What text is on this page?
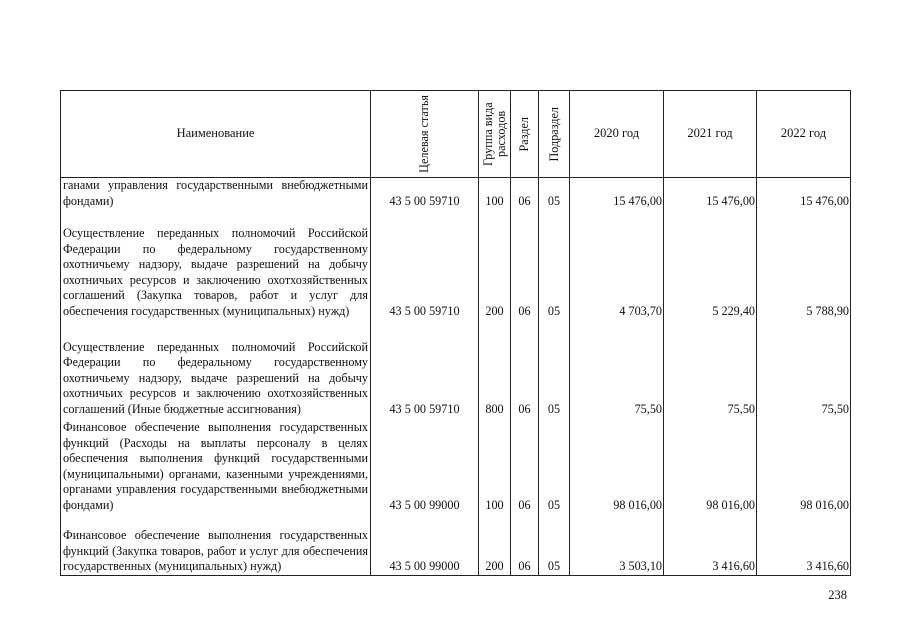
Наименование	Целевая статья	Группа вида расходов	Раздел	Подраздел	2020 год	2021 год	2022 год
ганами управления государственными внебюджетными фондами)	43 5 00 59710	100	06	05	15 476,00	15 476,00	15 476,00
Осуществление переданных полномочий Российской Федерации по федеральному государственному охотничьему надзору, выдаче разрешений на добычу охотничьих ресурсов и заключению охотхозяйственных соглашений (Закупка товаров, работ и услуг для обеспечения государственных (муниципальных) нужд)	43 5 00 59710	200	06	05	4 703,70	5 229,40	5 788,90
Осуществление переданных полномочий Российской Федерации по федеральному государственному охотничьему надзору, выдаче разрешений на добычу охотничьих ресурсов и заключению охотхозяйственных соглашений (Иные бюджетные ассигнования)	43 5 00 59710	800	06	05	75,50	75,50	75,50
Финансовое обеспечение выполнения государственных функций (Расходы на выплаты персоналу в целях обеспечения выполнения функций государственными (муниципальными) органами, казенными учреждениями, органами управления государственными внебюджетными фондами)	43 5 00 99000	100	06	05	98 016,00	98 016,00	98 016,00
Финансовое обеспечение выполнения государственных функций (Закупка товаров, работ и услуг для обеспечения государственных (муниципальных) нужд)	43 5 00 99000	200	06	05	3 503,10	3 416,60	3 416,60
238
